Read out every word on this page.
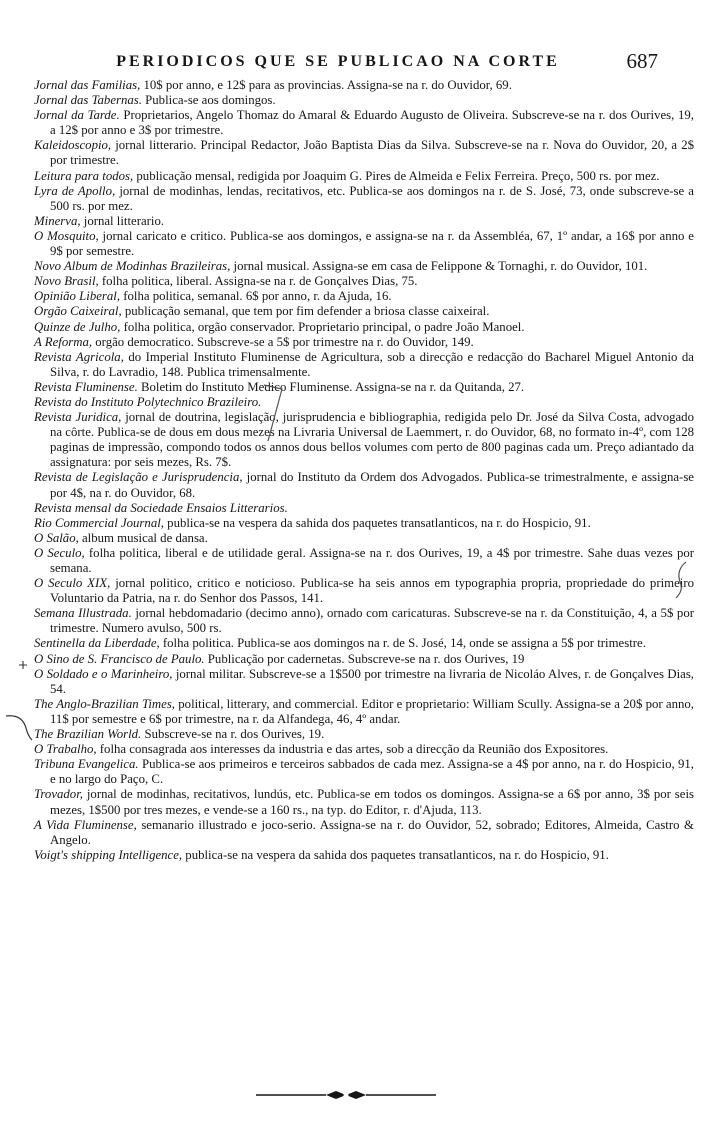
PERIODICOS QUE SE PUBLICAO NA CORTE	687

Jornal das Familias, 10$ por anno, e 12$ para as provincias. Assigna-se na r. do Ouvidor, 69.

Jornal das Tabernas. Publica-se aos domingos.

Jornal da Tarde. Proprietarios, Angelo Thomaz do Amaral & Eduardo Augusto de Oliveira. Subscreve-se na r. dos Ourives, 19, a 12$ por anno e 3$ por trimestre.

Kaleidoscopio, jornal litterario. Principal Redactor, João Baptista Dias da Silva. Subscreve-se na r. Nova do Ouvidor, 20, a 2$ por trimestre.

Leitura para todos, publicação mensal, redigida por Joaquim G. Pires de Almeida e Felix Ferreira. Preço, 500 rs. por mez.

Lyra de Apollo, jornal de modinhas, lendas, recitativos, etc. Publica-se aos domingos na r. de S. José, 73, onde subscreve-se a 500 rs. por mez.

Minerva, jornal litterario.

O Mosquito, jornal caricato e critico. Publica-se aos domingos, e assigna-se na r. da Assembléa, 67, 1º andar, a 16$ por anno e 9$ por semestre.

Novo Album de Modinhas Brazileiras, jornal musical. Assigna-se em casa de Felippone & Tornaghi, r. do Ouvidor, 101.

Novo Brasil, folha politica, liberal. Assigna-se na r. de Gonçalves Dias, 75.

Opinião Liberal, folha politica, semanal. 6$ por anno, r. da Ajuda, 16.

Orgão Caixeiral, publicação semanal, que tem por fim defender a briosa classe caixeiral.

Quinze de Julho, folha politica, orgão conservador. Proprietario principal, o padre João Manoel.

A Reforma, orgão democratico. Subscreve-se a 5$ por trimestre na r. do Ouvidor, 149.

Revista Agricola, do Imperial Instituto Fluminense de Agricultura, sob a direcção e redacção do Bacharel Miguel Antonio da Silva, r. do Lavradio, 148. Publica trimensalmente.

Revista Fluminense. Boletim do Instituto Medico Fluminense. Assigna-se na r. da Quitanda, 27.

Revista do Instituto Polytechnico Brazileiro.

Revista Juridica, jornal de doutrina, legislação, jurisprudencia e bibliographia, redigida pelo Dr. José da Silva Costa, advogado na côrte. Publica-se de dous em dous mezes na Livraria Universal de Laemmert, r. do Ouvidor, 68, no formato in-4º, com 128 paginas de impressão, compondo todos os annos dous bellos volumes com perto de 800 paginas cada um. Preço adiantado da assignatura: por seis mezes, Rs. 7$.

Revista de Legislação e Jurisprudencia, jornal do Instituto da Ordem dos Advogados. Publica-se trimestralmente, e assigna-se por 4$, na r. do Ouvidor, 68.

Revista mensal da Sociedade Ensaios Litterarios.

Rio Commercial Journal, publica-se na vespera da sahida dos paquetes transatlanticos, na r. do Hospicio, 91.

O Salão, album musical de dansa.

O Seculo, folha politica, liberal e de utilidade geral. Assigna-se na r. dos Ourives, 19, a 4$ por trimestre. Sahe duas vezes por semana.

O Seculo XIX, jornal politico, critico e noticioso. Publica-se ha seis annos em typographia propria, propriedade do primeiro Voluntario da Patria, na r. do Senhor dos Passos, 141.

Semana Illustrada. jornal hebdomadario (decimo anno), ornado com caricaturas. Subscreve-se na r. da Constituição, 4, a 5$ por trimestre. Numero avulso, 500 rs.

Sentinella da Liberdade, folha politica. Publica-se aos domingos na r. de S. José, 14, onde se assigna a 5$ por trimestre.

O Sino de S. Francisco de Paulo. Publicação por cadernetas. Subscreve-se na r. dos Ourives, 19

O Soldado e o Marinheiro, jornal militar. Subscreve-se a 1$500 por trimestre na livraria de Nicoláo Alves, r. de Gonçalves Dias, 54.

The Anglo-Brazilian Times, political, litterary, and commercial. Editor e proprietario: William Scully. Assigna-se a 20$ por anno, 11$ por semestre e 6$ por trimestre, na r. da Alfandega, 46, 4º andar.

The Brazilian World. Subscreve-se na r. dos Ourives, 19.

O Trabalho, folha consagrada aos interesses da industria e das artes, sob a direcção da Reunião dos Expositores.

Tribuna Evangelica. Publica-se aos primeiros e terceiros sabbados de cada mez. Assigna-se a 4$ por anno, na r. do Hospicio, 91, e no largo do Paço, C.

Trovador, jornal de modinhas, recitativos, lundús, etc. Publica-se em todos os domingos. Assigna-se a 6$ por anno, 3$ por seis mezes, 1$500 por tres mezes, e vende-se a 160 rs., na typ. do Editor, r. d'Ajuda, 113.

A Vida Fluminense, semanario illustrado e joco-serio. Assigna-se na r. do Ouvidor, 52, sobrado; Editores, Almeida, Castro & Angelo.

Voigt's shipping Intelligence, publica-se na vespera da sahida dos paquetes transatlanticos, na r. do Hospicio, 91.
